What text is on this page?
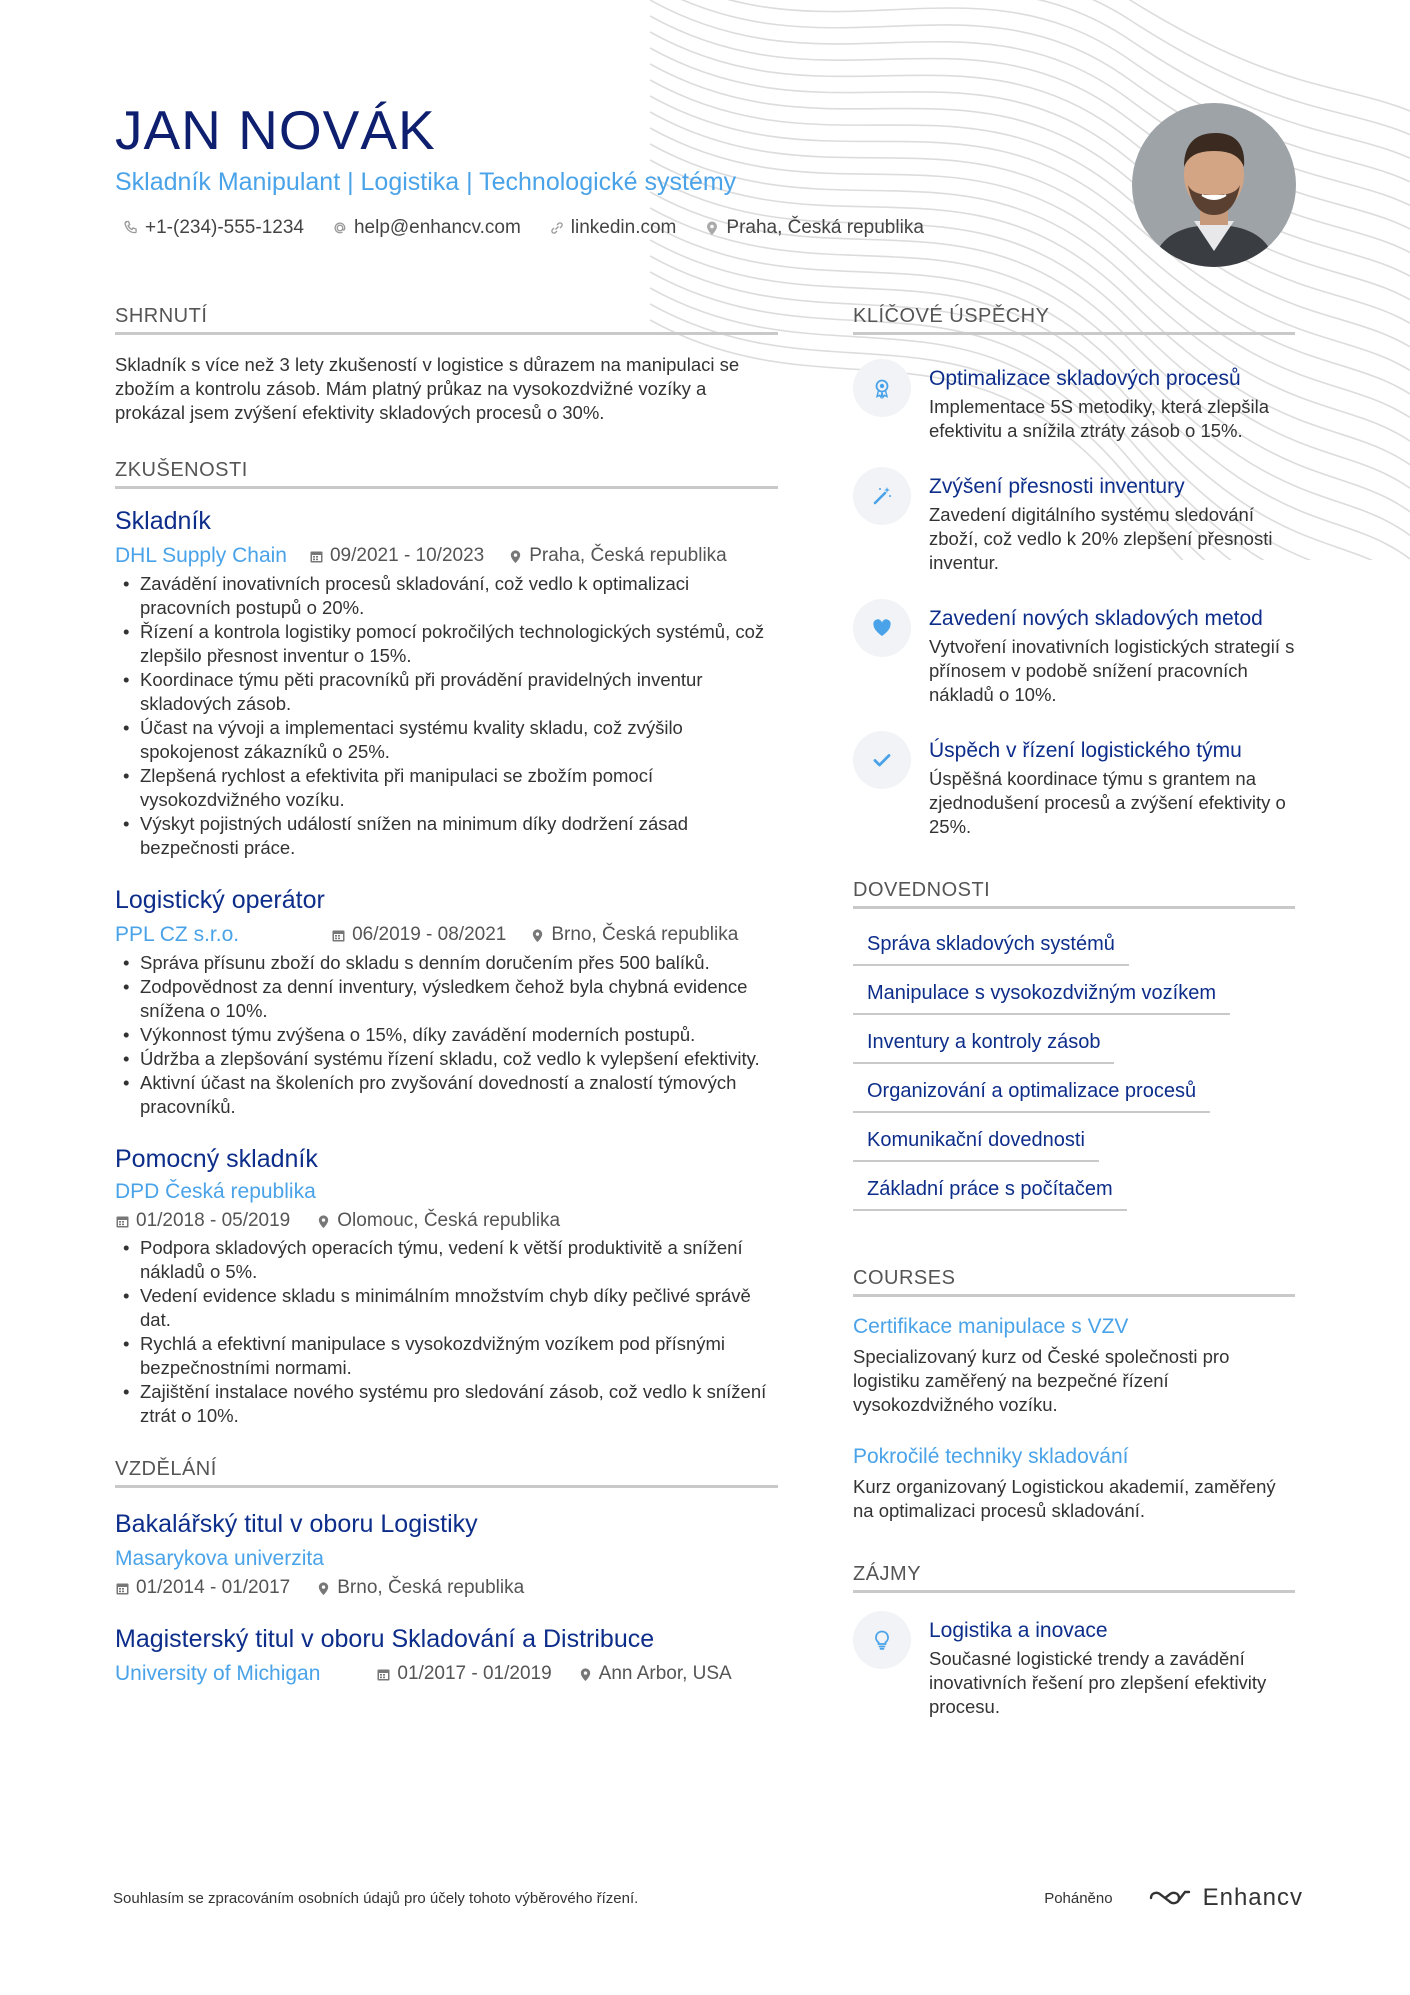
JAN NOVÁK
Skladník Manipulant | Logistika | Technologické systémy
+1-(234)-555-1234	help@enhancv.com	linkedin.com	Praha, Česká republika
SHRNUTÍ
Skladník s více než 3 lety zkušeností v logistice s důrazem na manipulaci se zbožím a kontrolu zásob. Mám platný průkaz na vysokozdvižné vozíky a prokázal jsem zvýšení efektivity skladových procesů o 30%.
ZKUŠENOSTI
Skladník
DHL Supply Chain 09/2021 - 10/2023 Praha, Česká republika
• Zavádění inovativních procesů skladování, což vedlo k optimalizaci pracovních postupů o 20%.
• Řízení a kontrola logistiky pomocí pokročilých technologických systémů, což zlepšilo přesnost inventur o 15%.
• Koordinace týmu pěti pracovníků při provádění pravidelných inventur skladových zásob.
• Účast na vývoji a implementaci systému kvality skladu, což zvýšilo spokojenost zákazníků o 25%.
• Zlepšená rychlost a efektivita při manipulaci se zbožím pomocí vysokozdvižného vozíku.
• Výskyt pojistných událostí snížen na minimum díky dodržení zásad bezpečnosti práce.
Logistický operátor
PPL CZ s.r.o.	06/2019 - 08/2021 Brno, Česká republika
• Správa přísunu zboží do skladu s denním doručením přes 500 balíků.
• Zodpovědnost za denní inventury, výsledkem čehož byla chybná evidence snížena o 10%.
• Výkonnost týmu zvýšena o 15%, díky zavádění moderních postupů.
• Údržba a zlepšování systému řízení skladu, což vedlo k vylepšení efektivity.
• Aktivní účast na školeních pro zvyšování dovedností a znalostí týmových pracovníků.
Pomocný skladník
DPD Česká republika
01/2018 - 05/2019 Olomouc, Česká republika
• Podpora skladových operacích týmu, vedení k větší produktivitě a snížení nákladů o 5%.
• Vedení evidence skladu s minimálním množstvím chyb díky pečlivé správě dat.
• Rychlá a efektivní manipulace s vysokozdvižným vozíkem pod přísnými bezpečnostními normami.
• Zajištění instalace nového systému pro sledování zásob, což vedlo k snížení ztrát o 10%.
VZDĚLÁNÍ
Bakalářský titul v oboru Logistiky
Masarykova univerzita
01/2014 - 01/2017 Brno, Česká republika
Magisterský titul v oboru Skladování a Distribuce
University of Michigan	01/2017 - 01/2019 Ann Arbor, USA
KLÍČOVÉ ÚSPĚCHY
Optimalizace skladových procesů
Implementace 5S metodiky, která zlepšila efektivitu a snížila ztráty zásob o 15%.
Zvýšení přesnosti inventury
Zavedení digitálního systému sledování zboží, což vedlo k 20% zlepšení přesnosti inventur.
Zavedení nových skladových metod
Vytvoření inovativních logistických strategií s přínosem v podobě snížení pracovních nákladů o 10%.
Úspěch v řízení logistického týmu
Úspěšná koordinace týmu s grantem na zjednodušení procesů a zvýšení efektivity o 25%.
DOVEDNOSTI
Správa skladových systémů
Manipulace s vysokozdvižným vozíkem
Inventury a kontroly zásob
Organizování a optimalizace procesů
Komunikační dovednosti
Základní práce s počítačem
COURSES
Certifikace manipulace s VZV
Specializovaný kurz od České společnosti pro logistiku zaměřený na bezpečné řízení vysokozdvižného vozíku.
Pokročilé techniky skladování
Kurz organizovaný Logistickou akademií, zaměřený na optimalizaci procesů skladování.
ZÁJMY
Logistika a inovace
Současné logistické trendy a zavádění inovativních řešení pro zlepšení efektivity procesu.
Souhlasím se zpracováním osobních údajů pro účely tohoto výběrového řízení.	Poháněno	Enhancv
